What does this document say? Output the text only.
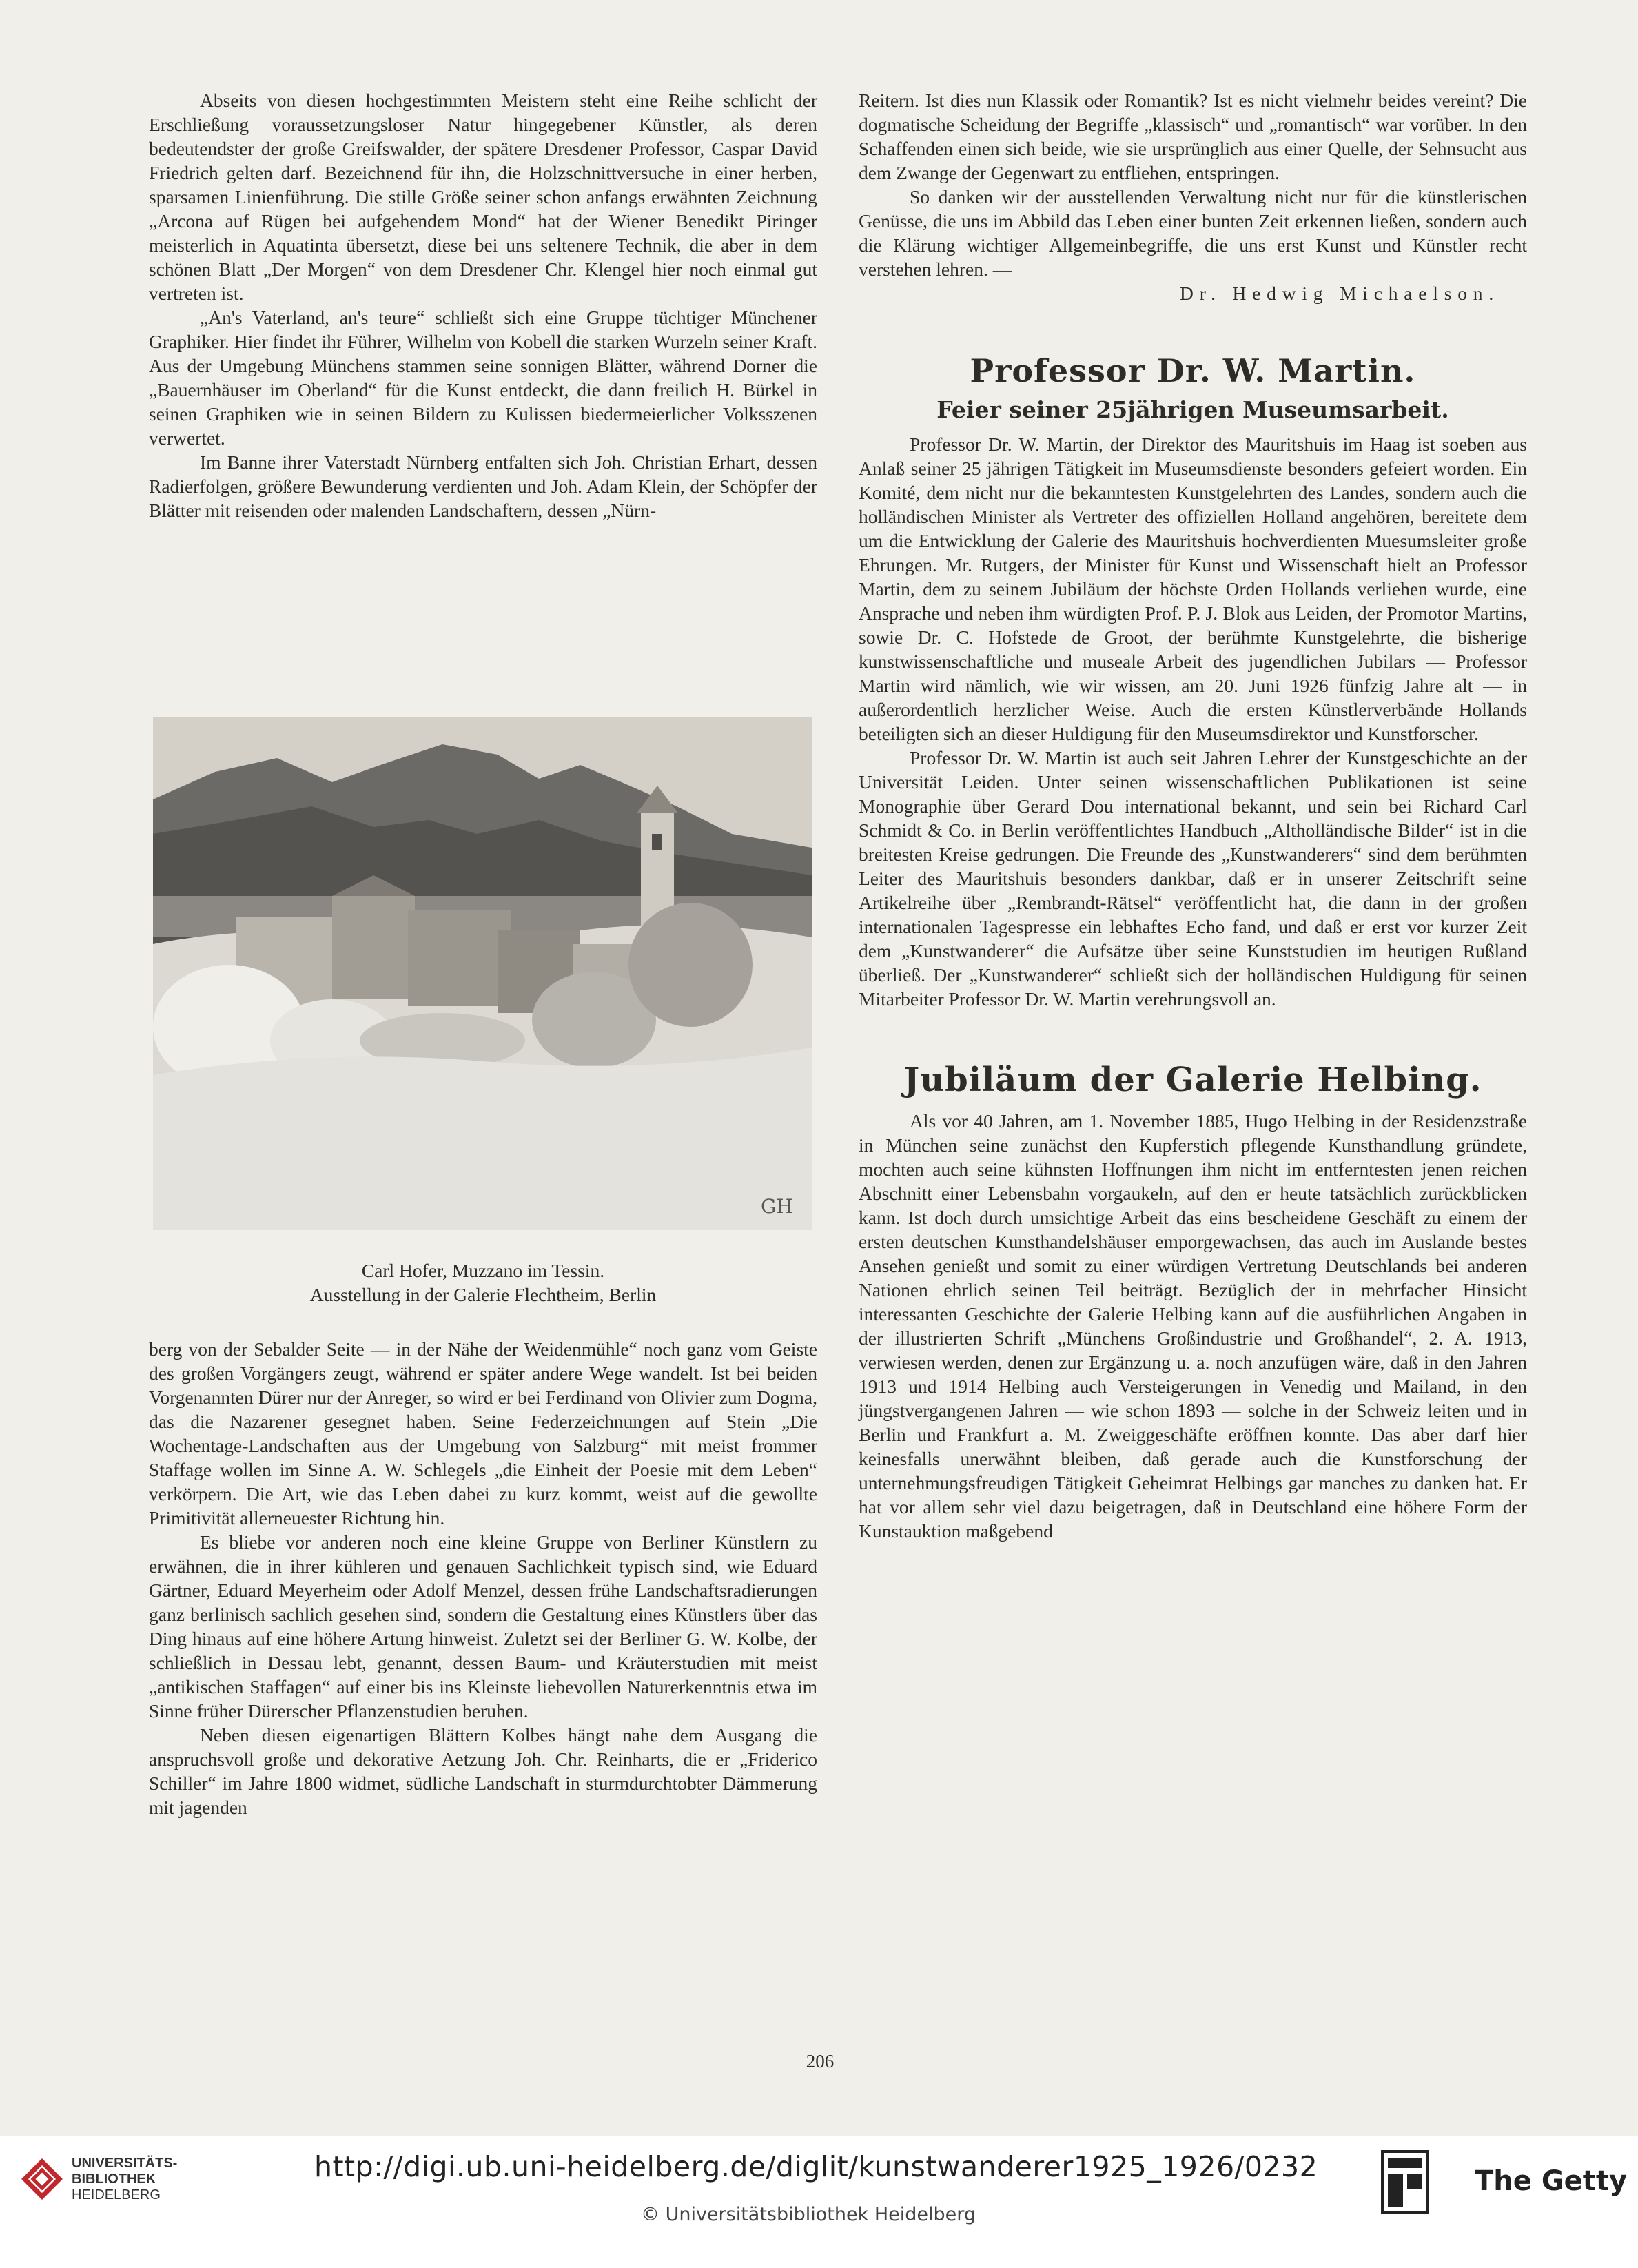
Abseits von diesen hochgestimmten Meistern steht eine Reihe schlicht der Erschließung voraussetzungsloser Natur hingegebener Künstler, als deren bedeutendster der große Greifswalder, der spätere Dresdener Professor, Caspar David Friedrich gelten darf. Bezeichnend für ihn, die Holzschnittversuche in einer herben, sparsamen Linienführung. Die stille Größe seiner schon anfangs erwähnten Zeichnung „Arcona auf Rügen bei aufgehendem Mond“ hat der Wiener Benedikt Piringer meisterlich in Aquatinta übersetzt, diese bei uns seltenere Technik, die aber in dem schönen Blatt „Der Morgen“ von dem Dresdener Chr. Klengel hier noch einmal gut vertreten ist.

„An's Vaterland, an's teure“ schließt sich eine Gruppe tüchtiger Münchener Graphiker. Hier findet ihr Führer, Wilhelm von Kobell die starken Wurzeln seiner Kraft. Aus der Umgebung Münchens stammen seine sonnigen Blätter, während Dorner die „Bauernhäuser im Oberland“ für die Kunst entdeckt, die dann freilich H. Bürkel in seinen Graphiken wie in seinen Bildern zu Kulissen biedermeierlicher Volksszenen verwertet.

Im Banne ihrer Vaterstadt Nürnberg entfalten sich Joh. Christian Erhart, dessen Radierfolgen, größere Bewunderung verdienten und Joh. Adam Klein, der Schöpfer der Blätter mit reisenden oder malenden Landschaftern, dessen „Nürn-

GH
Carl Hofer, Muzzano im Tessin.
Ausstellung in der Galerie Flechtheim, Berlin

berg von der Sebalder Seite — in der Nähe der Weidenmühle“ noch ganz vom Geiste des großen Vorgängers zeugt, während er später andere Wege wandelt. Ist bei beiden Vorgenannten Dürer nur der Anreger, so wird er bei Ferdinand von Olivier zum Dogma, das die Nazarener gesegnet haben. Seine Federzeichnungen auf Stein „Die Wochentage-Landschaften aus der Umgebung von Salzburg“ mit meist frommer Staffage wollen im Sinne A. W. Schlegels „die Einheit der Poesie mit dem Leben“ verkörpern. Die Art, wie das Leben dabei zu kurz kommt, weist auf die gewollte Primitivität allerneuester Richtung hin.

Es bliebe vor anderen noch eine kleine Gruppe von Berliner Künstlern zu erwähnen, die in ihrer kühleren und genauen Sachlichkeit typisch sind, wie Eduard Gärtner, Eduard Meyerheim oder Adolf Menzel, dessen frühe Landschaftsradierungen ganz berlinisch sachlich gesehen sind, sondern die Gestaltung eines Künstlers über das Ding hinaus auf eine höhere Artung hinweist. Zuletzt sei der Berliner G. W. Kolbe, der schließlich in Dessau lebt, genannt, dessen Baum- und Kräuterstudien mit meist „antikischen Staffagen“ auf einer bis ins Kleinste liebevollen Naturerkenntnis etwa im Sinne früher Dürerscher Pflanzenstudien beruhen.

Neben diesen eigenartigen Blättern Kolbes hängt nahe dem Ausgang die anspruchsvoll große und dekorative Aetzung Joh. Chr. Reinharts, die er „Friderico Schiller“ im Jahre 1800 widmet, südliche Landschaft in sturmdurchtobter Dämmerung mit jagenden

Reitern. Ist dies nun Klassik oder Romantik? Ist es nicht vielmehr beides vereint? Die dogmatische Scheidung der Begriffe „klassisch“ und „romantisch“ war vorüber. In den Schaffenden einen sich beide, wie sie ursprünglich aus einer Quelle, der Sehnsucht aus dem Zwange der Gegenwart zu entfliehen, entspringen.

So danken wir der ausstellenden Verwaltung nicht nur für die künstlerischen Genüsse, die uns im Abbild das Leben einer bunten Zeit erkennen ließen, sondern auch die Klärung wichtiger Allgemeinbegriffe, die uns erst Kunst und Künstler recht verstehen lehren. —

Dr. Hedwig Michaelson.

Professor Dr. W. Martin.
Feier seiner 25jährigen Museumsarbeit.

Professor Dr. W. Martin, der Direktor des Mauritshuis im Haag ist soeben aus Anlaß seiner 25 jährigen Tätigkeit im Museumsdienste besonders gefeiert worden. Ein Komité, dem nicht nur die bekanntesten Kunstgelehrten des Landes, sondern auch die holländischen Minister als Vertreter des offiziellen Holland angehören, bereitete dem um die Entwicklung der Galerie des Mauritshuis hochverdienten Muesumsleiter große Ehrungen. Mr. Rutgers, der Minister für Kunst und Wissenschaft hielt an Professor Martin, dem zu seinem Jubiläum der höchste Orden Hollands verliehen wurde, eine Ansprache und neben ihm würdigten Prof. P. J. Blok aus Leiden, der Promotor Martins, sowie Dr. C. Hofstede de Groot, der berühmte Kunstgelehrte, die bisherige kunstwissenschaftliche und museale Arbeit des jugendlichen Jubilars — Professor Martin wird nämlich, wie wir wissen, am 20. Juni 1926 fünfzig Jahre alt — in außerordentlich herzlicher Weise. Auch die ersten Künstlerverbände Hollands beteiligten sich an dieser Huldigung für den Museumsdirektor und Kunstforscher.

Professor Dr. W. Martin ist auch seit Jahren Lehrer der Kunstgeschichte an der Universität Leiden. Unter seinen wissenschaftlichen Publikationen ist seine Monographie über Gerard Dou international bekannt, und sein bei Richard Carl Schmidt & Co. in Berlin veröffentlichtes Handbuch „Altholländische Bilder“ ist in die breitesten Kreise gedrungen. Die Freunde des „Kunstwanderers“ sind dem berühmten Leiter des Mauritshuis besonders dankbar, daß er in unserer Zeitschrift seine Artikelreihe über „Rembrandt-Rätsel“ veröffentlicht hat, die dann in der großen internationalen Tagespresse ein lebhaftes Echo fand, und daß er erst vor kurzer Zeit dem „Kunstwanderer“ die Aufsätze über seine Kunststudien im heutigen Rußland überließ. Der „Kunstwanderer“ schließt sich der holländischen Huldigung für seinen Mitarbeiter Professor Dr. W. Martin verehrungsvoll an.

Jubiläum der Galerie Helbing.

Als vor 40 Jahren, am 1. November 1885, Hugo Helbing in der Residenzstraße in München seine zunächst den Kupferstich pflegende Kunsthandlung gründete, mochten auch seine kühnsten Hoffnungen ihm nicht im entferntesten jenen reichen Abschnitt einer Lebensbahn vorgaukeln, auf den er heute tatsächlich zurückblicken kann. Ist doch durch umsichtige Arbeit das eins bescheidene Geschäft zu einem der ersten deutschen Kunsthandelshäuser emporgewachsen, das auch im Auslande bestes Ansehen genießt und somit zu einer würdigen Vertretung Deutschlands bei anderen Nationen ehrlich seinen Teil beiträgt. Bezüglich der in mehrfacher Hinsicht interessanten Geschichte der Galerie Helbing kann auf die ausführlichen Angaben in der illustrierten Schrift „Münchens Großindustrie und Großhandel“, 2. A. 1913, verwiesen werden, denen zur Ergänzung u. a. noch anzufügen wäre, daß in den Jahren 1913 und 1914 Helbing auch Versteigerungen in Venedig und Mailand, in den jüngstvergangenen Jahren — wie schon 1893 — solche in der Schweiz leiten und in Berlin und Frankfurt a. M. Zweiggeschäfte eröffnen konnte. Das aber darf hier keinesfalls unerwähnt bleiben, daß gerade auch die Kunstforschung der unternehmungsfreudigen Tätigkeit Geheimrat Helbings gar manches zu danken hat. Er hat vor allem sehr viel dazu beigetragen, daß in Deutschland eine höhere Form der Kunstauktion maßgebend

206
UNIVERSITÄTS-
BIBLIOTHEK
HEIDELBERG
http://digi.ub.uni-heidelberg.de/diglit/kunstwanderer1925_1926/0232
© Universitätsbibliothek Heidelberg
The Getty
